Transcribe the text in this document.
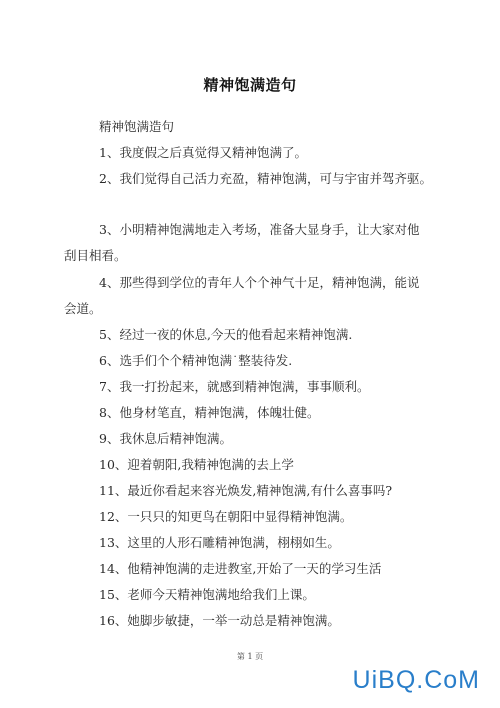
精神饱满造句
精神饱满造句
1、我度假之后真觉得又精神饱满了。
2、我们觉得自己活力充盈，精神饱满，可与宇宙并驾齐驱。
3、小明精神饱满地走入考场，准备大显身手，让大家对他
刮目相看。
4、那些得到学位的青年人个个神气十足，精神饱满，能说
会道。
5、经过一夜的休息,今天的他看起来精神饱满.
6、选手们个个精神饱满˙整装待发.
7、我一打扮起来，就感到精神饱满，事事顺利。
8、他身材笔直，精神饱满，体魄壮健。
9、我休息后精神饱满。
10、迎着朝阳,我精神饱满的去上学
11、最近你看起来容光焕发,精神饱满,有什么喜事吗?
12、一只只的知更鸟在朝阳中显得精神饱满。
13、这里的人形石雕精神饱满，栩栩如生。
14、他精神饱满的走进教室,开始了一天的学习生活
15、老师今天精神饱满地给我们上课。
16、她脚步敏捷，一举一动总是精神饱满。
第 1 页
UiBQ.CoM
